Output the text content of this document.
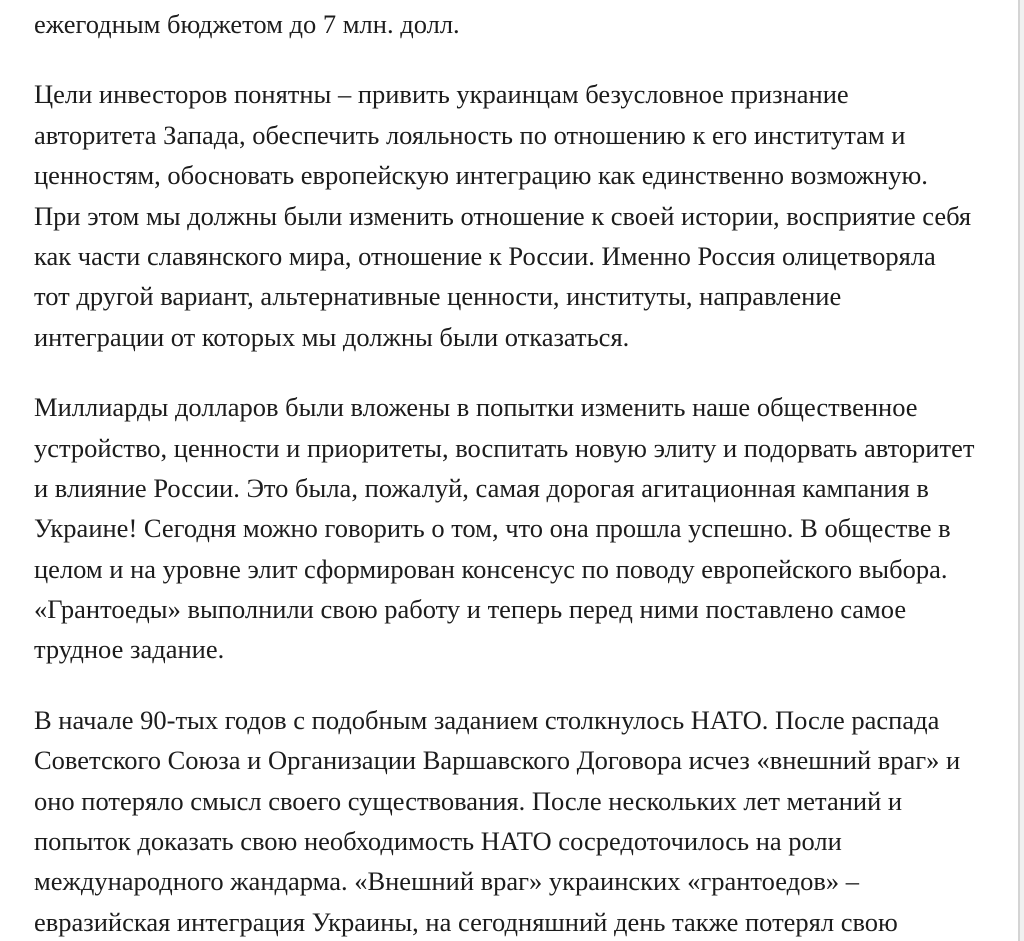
ежегодным бюджетом до 7 млн. долл.

Цели инвесторов понятны – привить украинцам безусловное признание
авторитета Запада, обеспечить лояльность по отношению к его институтам и
ценностям, обосновать европейскую интеграцию как единственно возможную.
При этом мы должны были изменить отношение к своей истории, восприятие себя
как части славянского мира, отношение к России. Именно Россия олицетворяла
тот другой вариант, альтернативные ценности, институты, направление
интеграции от которых мы должны были отказаться.

Миллиарды долларов были вложены в попытки изменить наше общественное
устройство, ценности и приоритеты, воспитать новую элиту и подорвать авторитет
и влияние России. Это была, пожалуй, самая дорогая агитационная кампания в
Украине! Сегодня можно говорить о том, что она прошла успешно. В обществе в
целом и на уровне элит сформирован консенсус по поводу европейского выбора.
«Грантоеды» выполнили свою работу и теперь перед ними поставлено самое
трудное задание.

В начале 90-тых годов с подобным заданием столкнулось НАТО. После распада
Советского Союза и Организации Варшавского Договора исчез «внешний враг» и
оно потеряло смысл своего существования. После нескольких лет метаний и
попыток доказать свою необходимость НАТО сосредоточилось на роли
международного жандарма. «Внешний враг» украинских «грантоедов» –
евразийская интеграция Украины, на сегодняшний день также потерял свою
